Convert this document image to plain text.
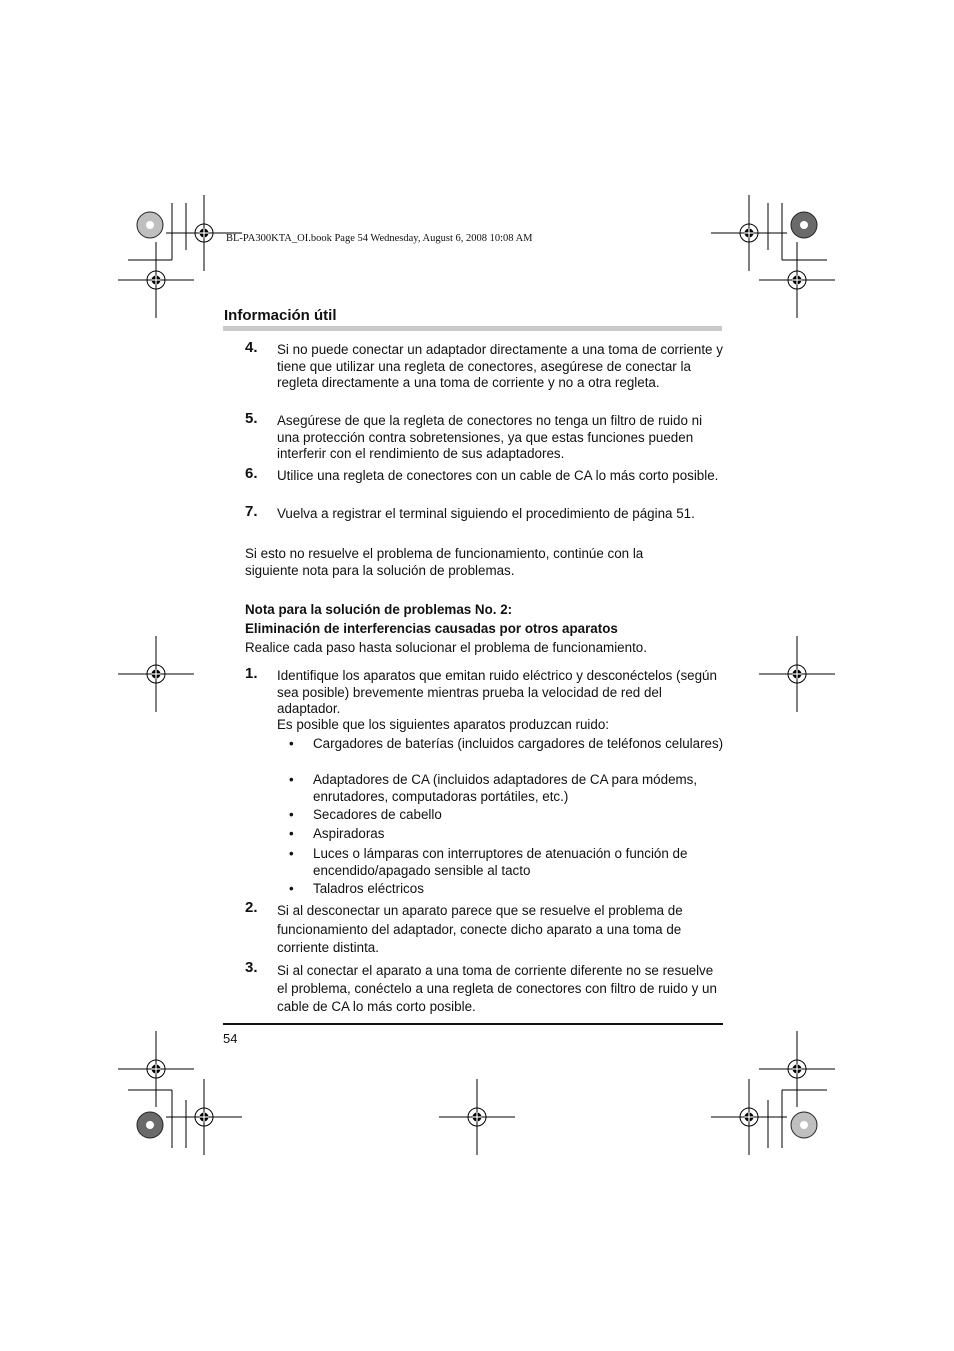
BL-PA300KTA_OI.book Page 54 Wednesday, August 6, 2008 10:08 AM
Información útil
4. Si no puede conectar un adaptador directamente a una toma de corriente y tiene que utilizar una regleta de conectores, asegúrese de conectar la regleta directamente a una toma de corriente y no a otra regleta.
5. Asegúrese de que la regleta de conectores no tenga un filtro de ruido ni una protección contra sobretensiones, ya que estas funciones pueden interferir con el rendimiento de sus adaptadores.
6. Utilice una regleta de conectores con un cable de CA lo más corto posible.
7. Vuelva a registrar el terminal siguiendo el procedimiento de página 51.
Si esto no resuelve el problema de funcionamiento, continúe con la siguiente nota para la solución de problemas.
Nota para la solución de problemas No. 2:
Eliminación de interferencias causadas por otros aparatos
Realice cada paso hasta solucionar el problema de funcionamiento.
1. Identifique los aparatos que emitan ruido eléctrico y desconéctelos (según sea posible) brevemente mientras prueba la velocidad de red del adaptador.
Es posible que los siguientes aparatos produzcan ruido:
• Cargadores de baterías (incluidos cargadores de teléfonos celulares)
• Adaptadores de CA (incluidos adaptadores de CA para módems, enrutadores, computadoras portátiles, etc.)
• Secadores de cabello
• Aspiradoras
• Luces o lámparas con interruptores de atenuación o función de encendido/apagado sensible al tacto
• Taladros eléctricos
2. Si al desconectar un aparato parece que se resuelve el problema de funcionamiento del adaptador, conecte dicho aparato a una toma de corriente distinta.
3. Si al conectar el aparato a una toma de corriente diferente no se resuelve el problema, conéctelo a una regleta de conectores con filtro de ruido y un cable de CA lo más corto posible.
54
